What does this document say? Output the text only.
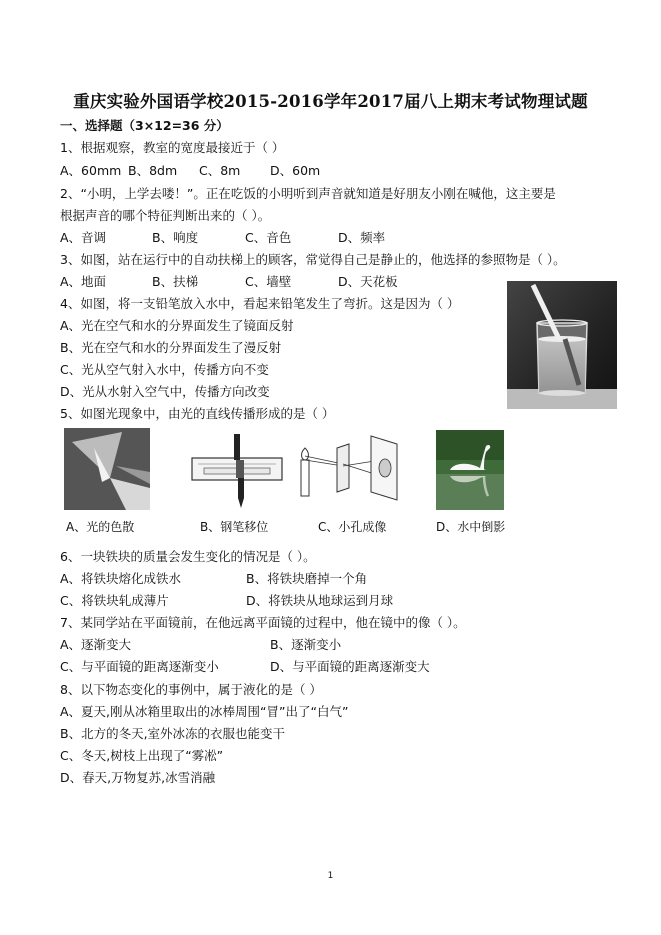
重庆实验外国语学校2015-2016学年2017届八上期末考试物理试题
一、选择题（3×12=36 分）
1、根据观察，教室的宽度最接近于（ ）
A、60mm B、8dm C、8m D、60m
2、“小明，上学去喽！”。正在吃饭的小明听到声音就知道是好朋友小刚在喊他，这主要是
根据声音的哪个特征判断出来的（ ）。
A、音调	B、响度	C、音色	D、频率
3、如图，站在运行中的自动扶梯上的顾客，常觉得自己是静止的，他选择的参照物是（ ）。
A、地面	B、扶梯	C、墙壁	D、天花板
4、如图，将一支铅笔放入水中，看起来铅笔发生了弯折。这是因为（ ）
A、光在空气和水的分界面发生了镜面反射
B、光在空气和水的分界面发生了漫反射
C、光从空气射入水中，传播方向不变
D、光从水射入空气中，传播方向改变
5、如图光现象中，由光的直线传播形成的是（ ）
A、光的色散	B、钢笔移位	C、小孔成像	D、水中倒影
6、一块铁块的质量会发生变化的情况是（ ）。
A、将铁块熔化成铁水	B、将铁块磨掉一个角
C、将铁块轧成薄片	D、将铁块从地球运到月球
7、某同学站在平面镜前，在他远离平面镜的过程中，他在镜中的像（ ）。
A、逐渐变大	B、逐渐变小
C、与平面镜的距离逐渐变小	D、与平面镜的距离逐渐变大
8、以下物态变化的事例中，属于液化的是（ ）
A、夏天,刚从冰箱里取出的冰棒周围“冒”出了“白气”
B、北方的冬天,室外冰冻的衣服也能变干
C、冬天,树枝上出现了“雾凇”
D、春天,万物复苏,冰雪消融
1
